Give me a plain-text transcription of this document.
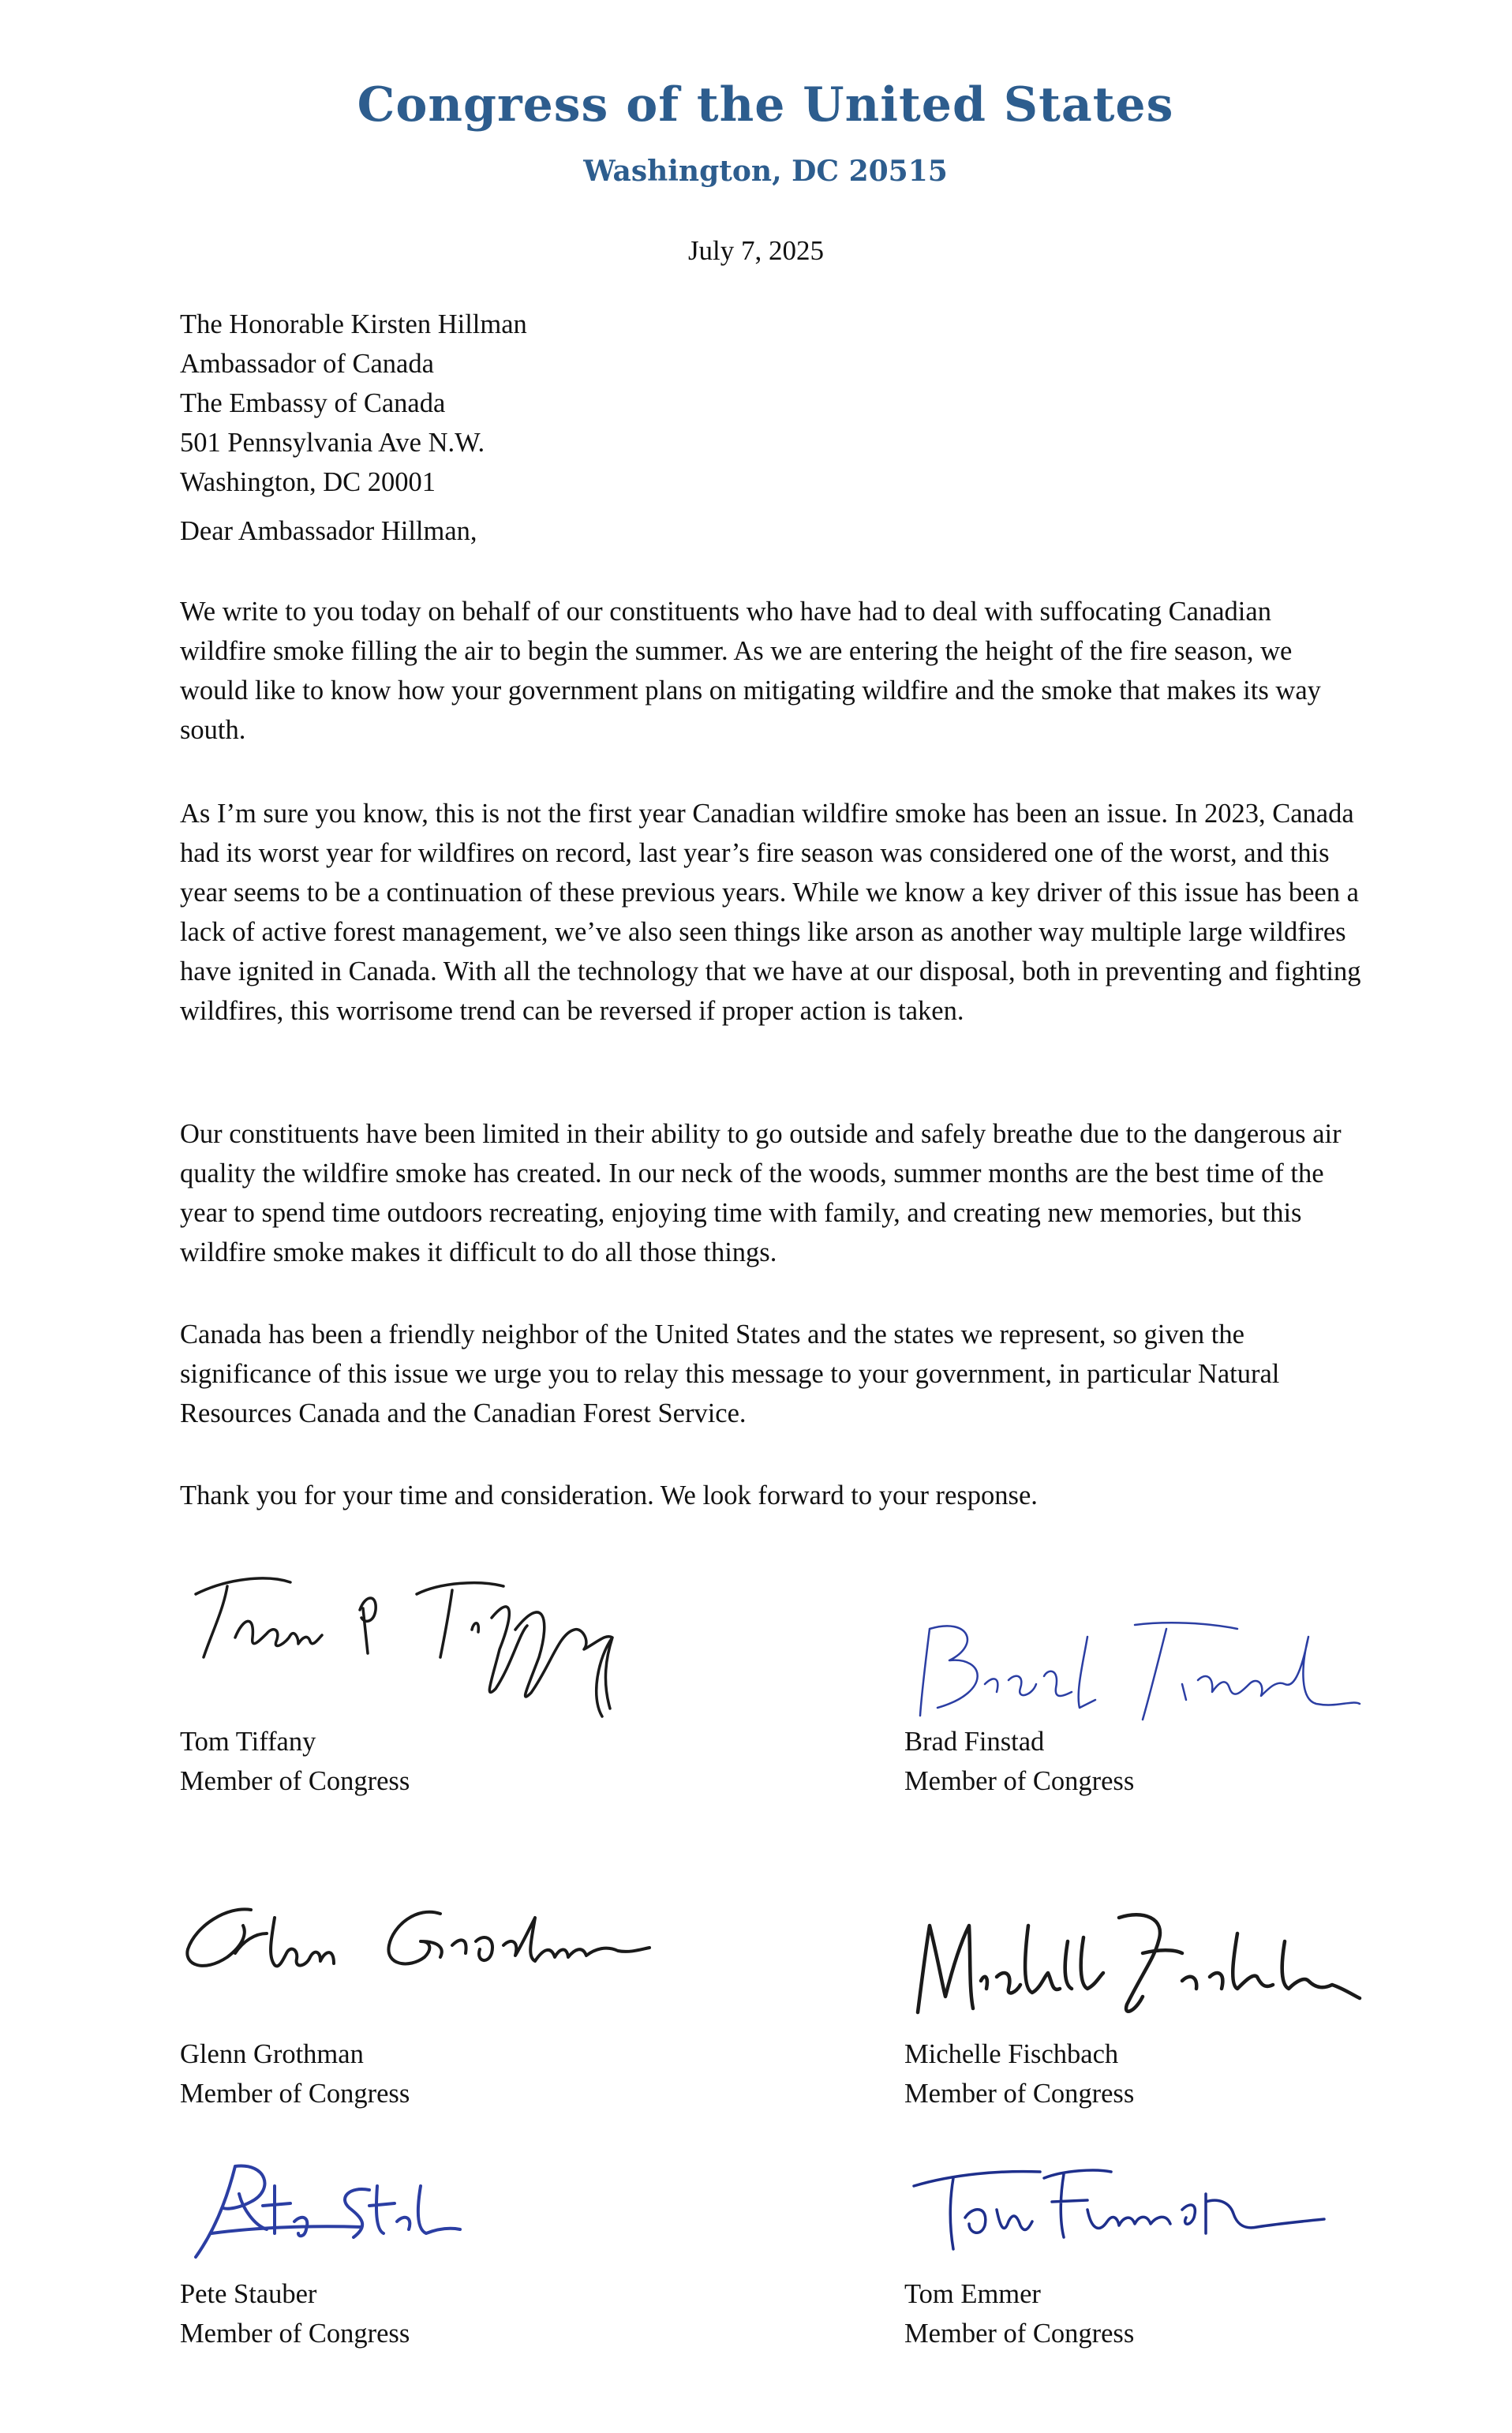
Congress of the United States
Washington, DC 20515
July 7, 2025
The Honorable Kirsten Hillman
Ambassador of Canada
The Embassy of Canada
501 Pennsylvania Ave N.W.
Washington, DC 20001
Dear Ambassador Hillman,

We write to you today on behalf of our constituents who have had to deal with suffocating Canadian wildfire smoke filling the air to begin the summer. As we are entering the height of the fire season, we would like to know how your government plans on mitigating wildfire and the smoke that makes its way south.

As I’m sure you know, this is not the first year Canadian wildfire smoke has been an issue. In 2023, Canada had its worst year for wildfires on record, last year’s fire season was considered one of the worst, and this year seems to be a continuation of these previous years. While we know a key driver of this issue has been a lack of active forest management, we’ve also seen things like arson as another way multiple large wildfires have ignited in Canada. With all the technology that we have at our disposal, both in preventing and fighting wildfires, this worrisome trend can be reversed if proper action is taken.

Our constituents have been limited in their ability to go outside and safely breathe due to the dangerous air quality the wildfire smoke has created. In our neck of the woods, summer months are the best time of the year to spend time outdoors recreating, enjoying time with family, and creating new memories, but this wildfire smoke makes it difficult to do all those things.

Canada has been a friendly neighbor of the United States and the states we represent, so given the significance of this issue we urge you to relay this message to your government, in particular Natural Resources Canada and the Canadian Forest Service.

Thank you for your time and consideration. We look forward to your response.

Tom Tiffany
Member of Congress
Brad Finstad
Member of Congress
Glenn Grothman
Member of Congress
Michelle Fischbach
Member of Congress
Pete Stauber
Member of Congress
Tom Emmer
Member of Congress
